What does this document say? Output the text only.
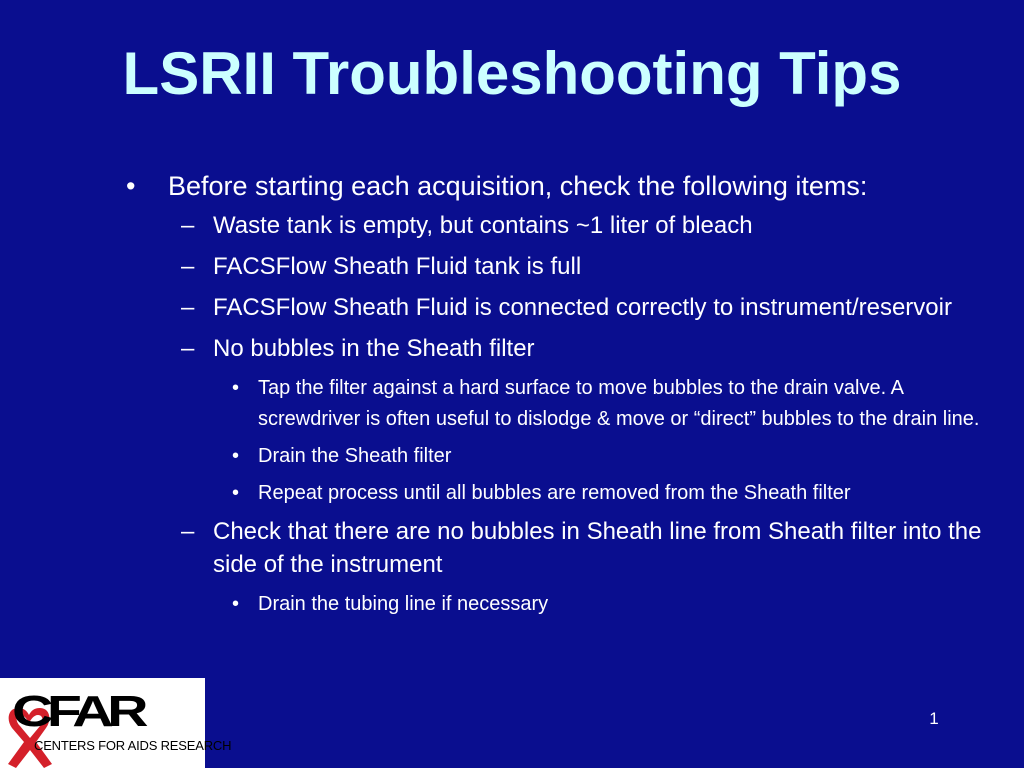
LSRII Troubleshooting Tips
• Before starting each acquisition, check the following items:
– Waste tank is empty, but contains ~1 liter of bleach
– FACSFlow Sheath Fluid tank is full
– FACSFlow Sheath Fluid is connected correctly to instrument/reservoir
– No bubbles in the Sheath filter
• Tap the filter against a hard surface to move bubbles to the drain valve. A screwdriver is often useful to dislodge & move or “direct” bubbles to the drain line.
• Drain the Sheath filter
• Repeat process until all bubbles are removed from the Sheath filter
– Check that there are no bubbles in Sheath line from Sheath filter into the side of the instrument
• Drain the tubing line if necessary
CFAR
CENTERS FOR AIDS RESEARCH
1
